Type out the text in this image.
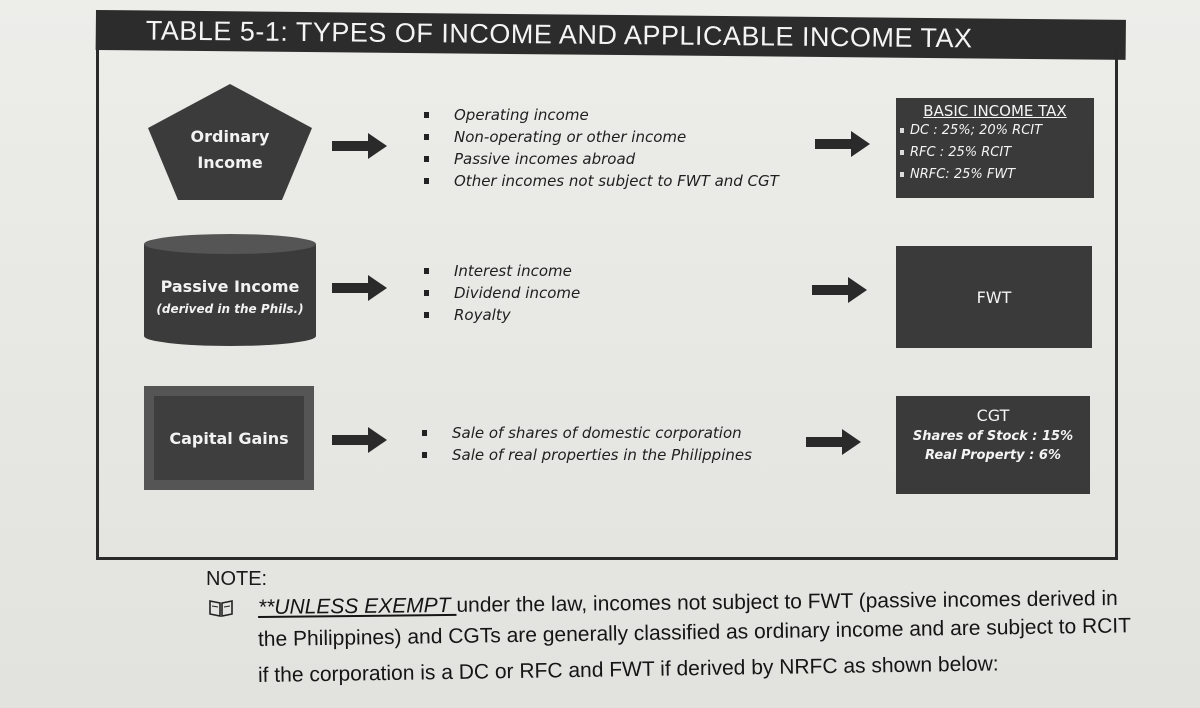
TABLE 5-1: TYPES OF INCOME AND APPLICABLE INCOME TAX
Ordinary
Income
Operating income
Non-operating or other income
Passive incomes abroad
Other incomes not subject to FWT and CGT
BASIC INCOME TAX
DC : 25%; 20% RCIT
RFC : 25% RCIT
NRFC: 25% FWT
Passive Income
(derived in the Phils.)
Interest income
Dividend income
Royalty
FWT
Capital Gains	Sale of shares of domestic corporation
Sale of real properties in the Philippines
CGT
Shares of Stock : 15%
Real Property : 6%
NOTE:
**UNLESS EXEMPT under the law, incomes not subject to FWT (passive incomes derived in
the Philippines) and CGTs are generally classified as ordinary income and are subject to RCIT
if the corporation is a DC or RFC and FWT if derived by NRFC as shown below:
